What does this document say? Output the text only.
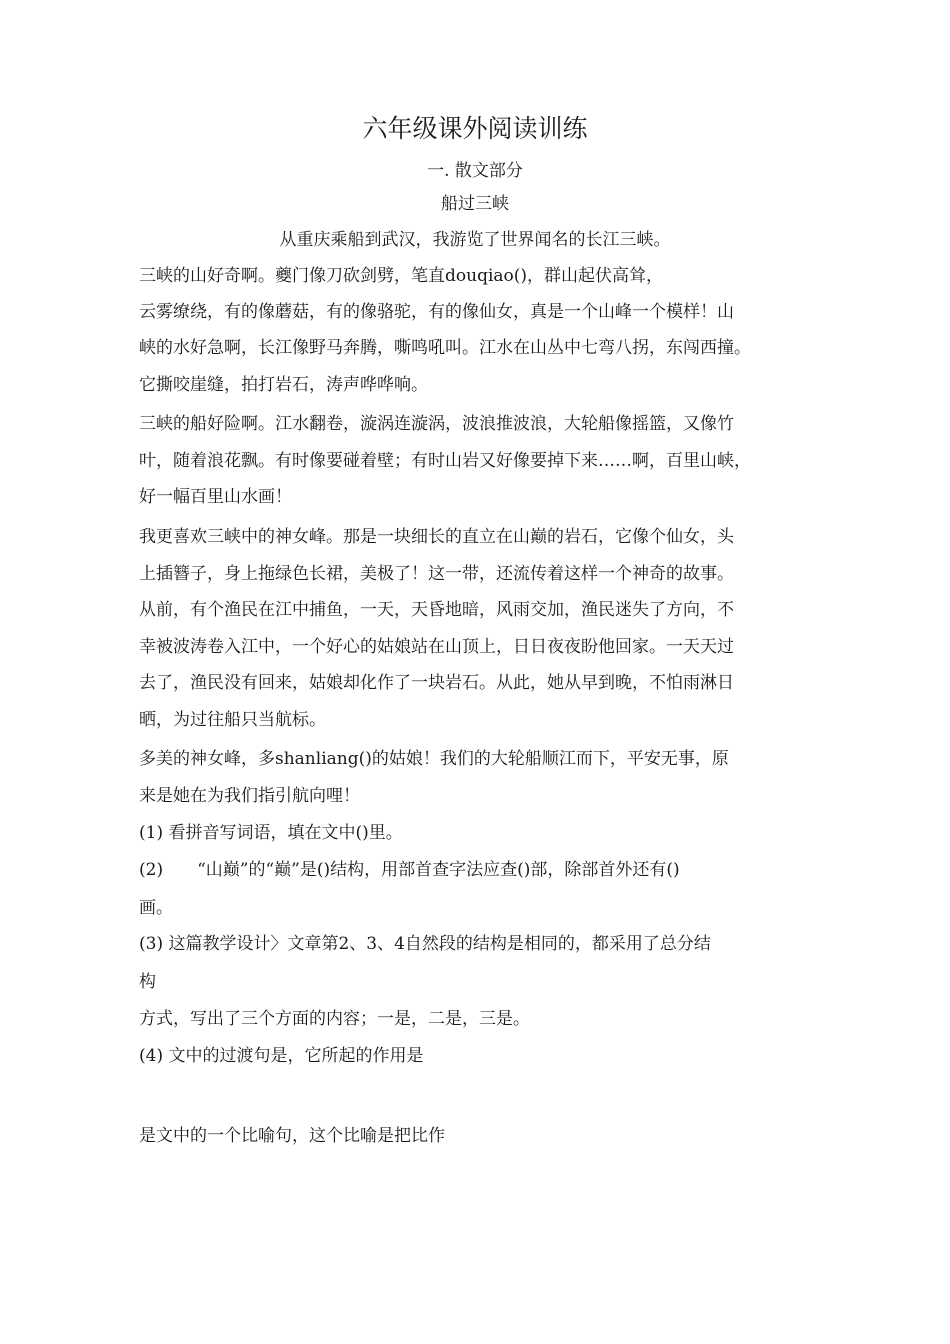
六年级课外阅读训练
一. 散文部分
船过三峡
从重庆乘船到武汉，我游览了世界闻名的长江三峡。
三峡的山好奇啊。夔门像刀砍剑劈，笔直douqiao()，群山起伏高耸，
云雾缭绕，有的像蘑菇，有的像骆驼，有的像仙女，真是一个山峰一个模样！山
峡的水好急啊，长江像野马奔腾，嘶鸣吼叫。江水在山丛中七弯八拐，东闯西撞。
它撕咬崖缝，拍打岩石，涛声哗哗响。
三峡的船好险啊。江水翻卷，漩涡连漩涡，波浪推波浪，大轮船像摇篮，又像竹
叶，随着浪花飘。有时像要碰着壁；有时山岩又好像要掉下来……啊，百里山峡，
好一幅百里山水画！
我更喜欢三峡中的神女峰。那是一块细长的直立在山巅的岩石，它像个仙女，头
上插簪子，身上拖绿色长裙，美极了！这一带，还流传着这样一个神奇的故事。
从前，有个渔民在江中捕鱼，一天，天昏地暗，风雨交加，渔民迷失了方向，不
幸被波涛卷入江中，一个好心的姑娘站在山顶上，日日夜夜盼他回家。一天天过
去了，渔民没有回来，姑娘却化作了一块岩石。从此，她从早到晚，不怕雨淋日
晒，为过往船只当航标。
多美的神女峰，多shanliang()的姑娘！我们的大轮船顺江而下，平安无事，原
来是她在为我们指引航向哩！
(1) 看拼音写词语，填在文中()里。
(2)　　“山巅”的“巅”是()结构，用部首查字法应查()部，除部首外还有()
画。
(3) 这篇教学设计〉文章第2、3、4自然段的结构是相同的，都采用了总分结
构
方式，写出了三个方面的内容；一是，二是，三是。
(4) 文中的过渡句是，它所起的作用是
是文中的一个比喻句，这个比喻是把比作
